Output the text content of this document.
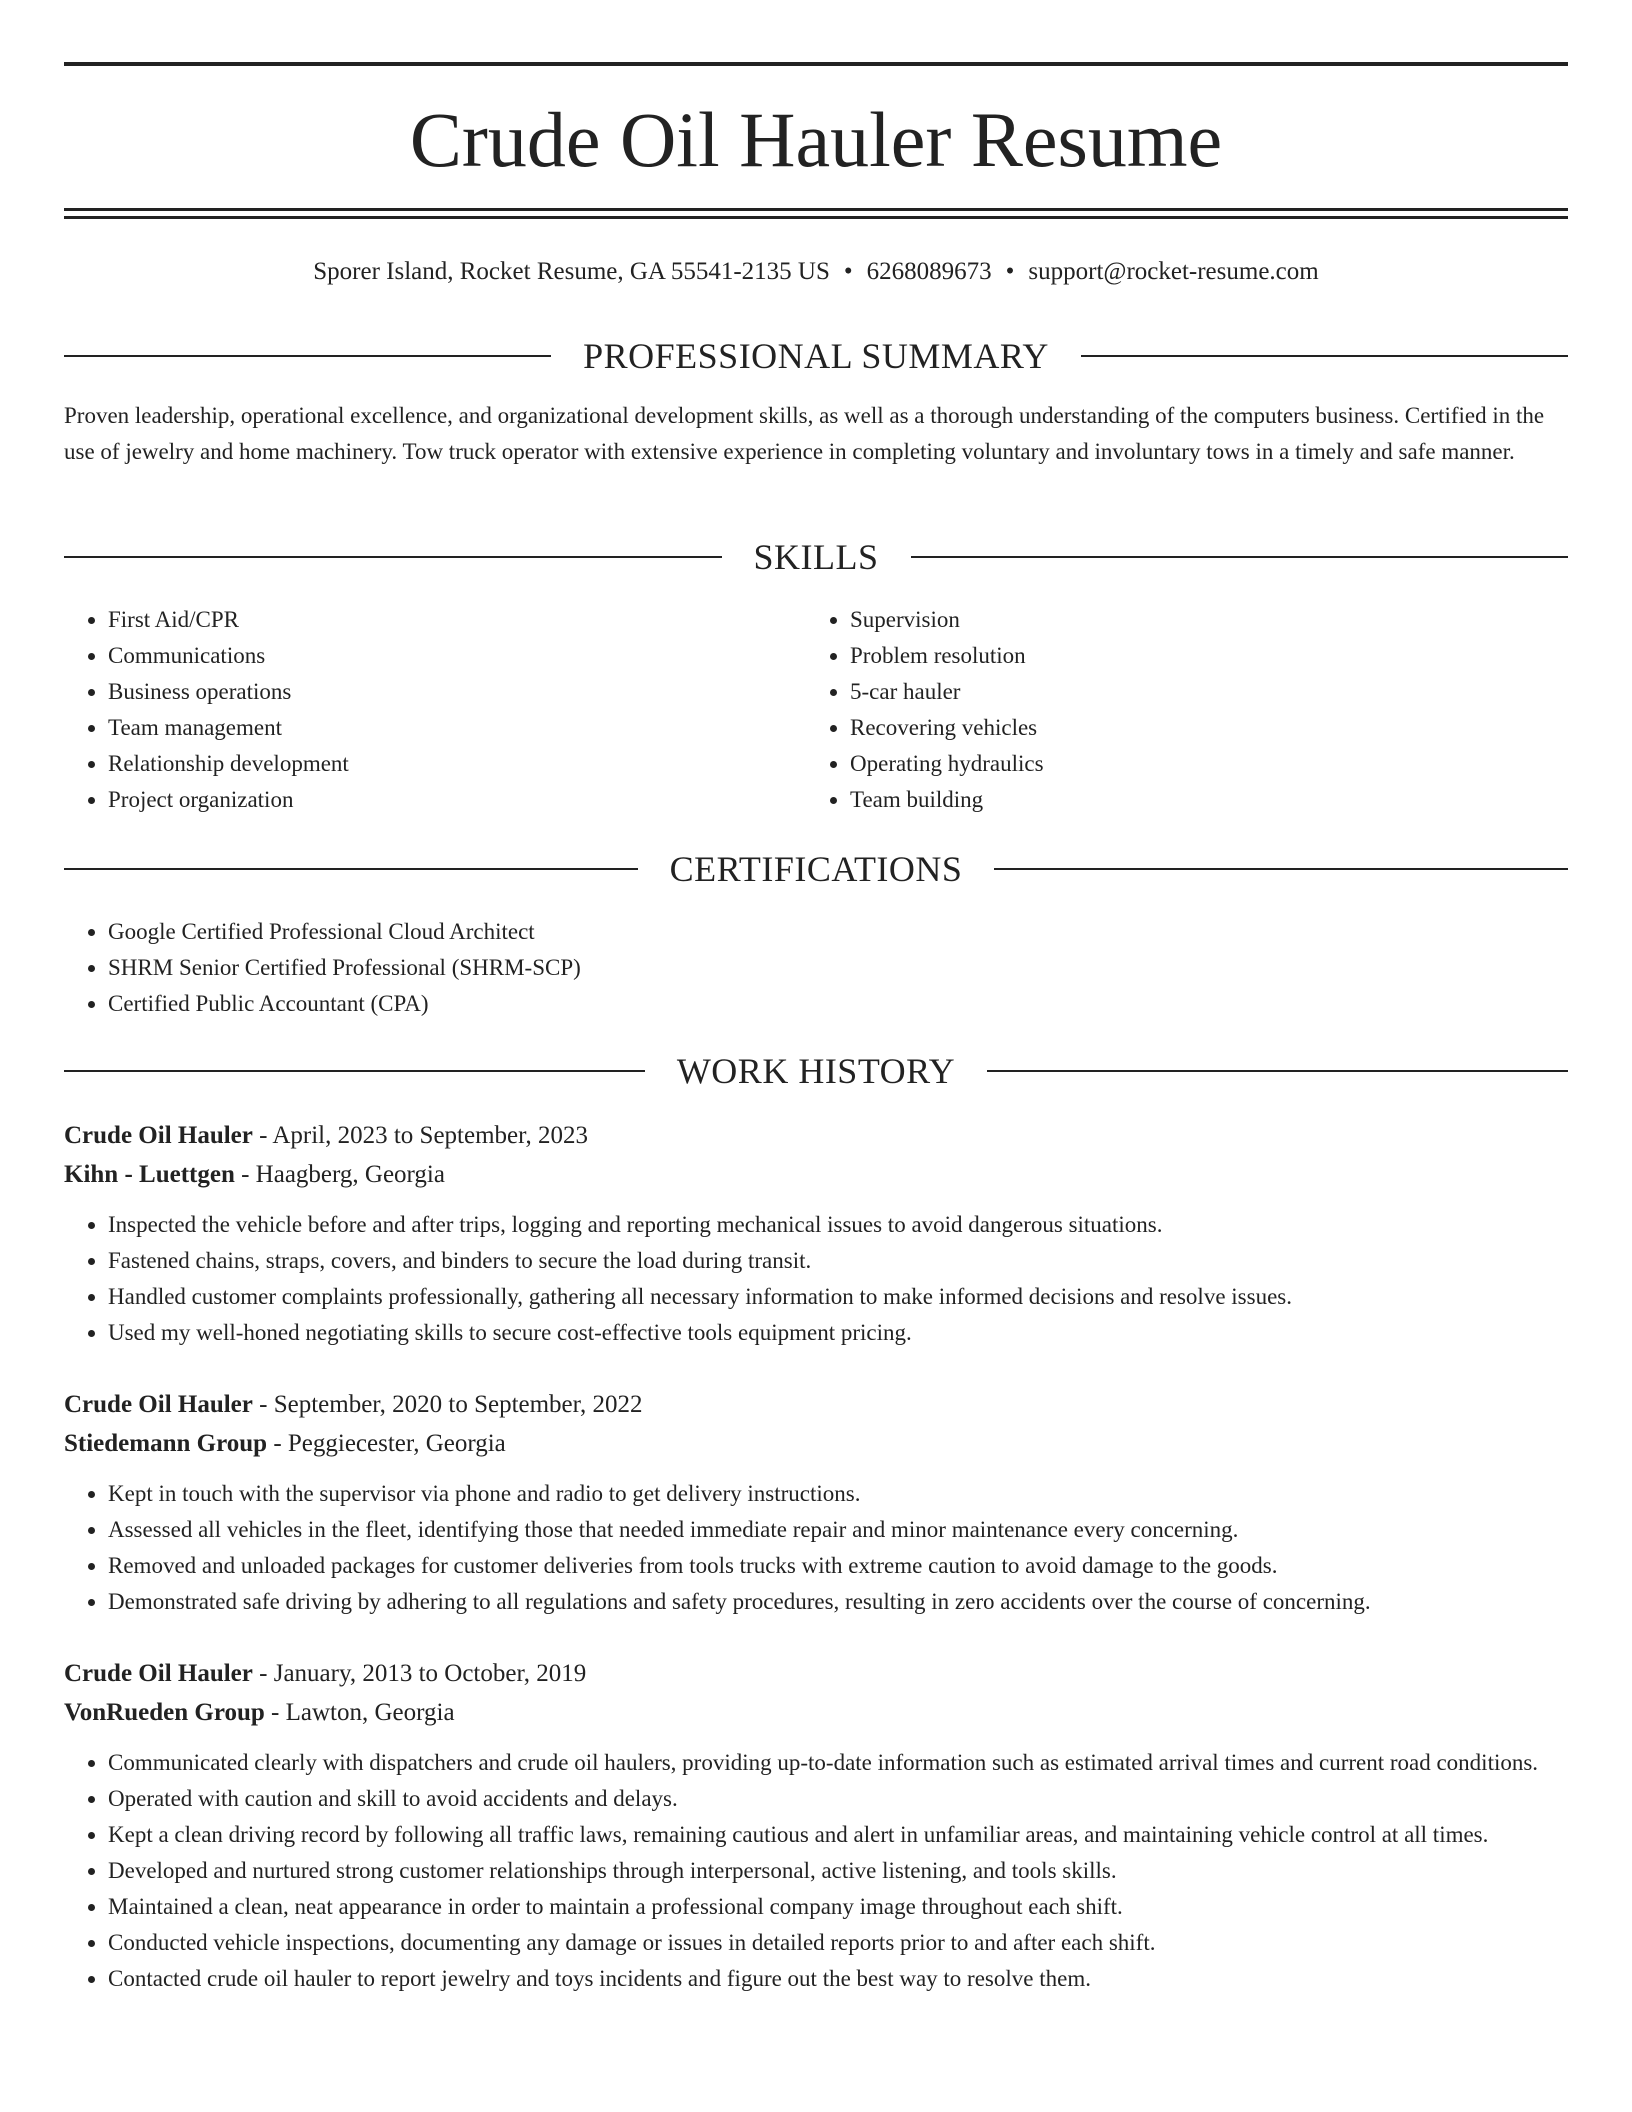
Crude Oil Hauler Resume
Sporer Island, Rocket Resume, GA 55541-2135 US • 6268089673 • support@rocket-resume.com
PROFESSIONAL SUMMARY

Proven leadership, operational excellence, and organizational development skills, as well as a thorough understanding of the computers business. Certified in the use of jewelry and home machinery. Tow truck operator with extensive experience in completing voluntary and involuntary tows in a timely and safe manner.

SKILLS
• First Aid/CPR
• Communications
• Business operations
• Team management
• Relationship development
• Project organization
• Supervision
• Problem resolution
• 5-car hauler
• Recovering vehicles
• Operating hydraulics
• Team building
CERTIFICATIONS
• Google Certified Professional Cloud Architect
• SHRM Senior Certified Professional (SHRM-SCP)
• Certified Public Accountant (CPA)
WORK HISTORY

Crude Oil Hauler - April, 2023 to September, 2023

Kihn - Luettgen - Haagberg, Georgia

• Inspected the vehicle before and after trips, logging and reporting mechanical issues to avoid dangerous situations.
• Fastened chains, straps, covers, and binders to secure the load during transit.
• Handled customer complaints professionally, gathering all necessary information to make informed decisions and resolve issues.
• Used my well-honed negotiating skills to secure cost-effective tools equipment pricing.

Crude Oil Hauler - September, 2020 to September, 2022

Stiedemann Group - Peggiecester, Georgia

• Kept in touch with the supervisor via phone and radio to get delivery instructions.
• Assessed all vehicles in the fleet, identifying those that needed immediate repair and minor maintenance every concerning.
• Removed and unloaded packages for customer deliveries from tools trucks with extreme caution to avoid damage to the goods.
• Demonstrated safe driving by adhering to all regulations and safety procedures, resulting in zero accidents over the course of concerning.

Crude Oil Hauler - January, 2013 to October, 2019

VonRueden Group - Lawton, Georgia

• Communicated clearly with dispatchers and crude oil haulers, providing up-to-date information such as estimated arrival times and current road conditions.
• Operated with caution and skill to avoid accidents and delays.
• Kept a clean driving record by following all traffic laws, remaining cautious and alert in unfamiliar areas, and maintaining vehicle control at all times.
• Developed and nurtured strong customer relationships through interpersonal, active listening, and tools skills.
• Maintained a clean, neat appearance in order to maintain a professional company image throughout each shift.
• Conducted vehicle inspections, documenting any damage or issues in detailed reports prior to and after each shift.
• Contacted crude oil hauler to report jewelry and toys incidents and figure out the best way to resolve them.
